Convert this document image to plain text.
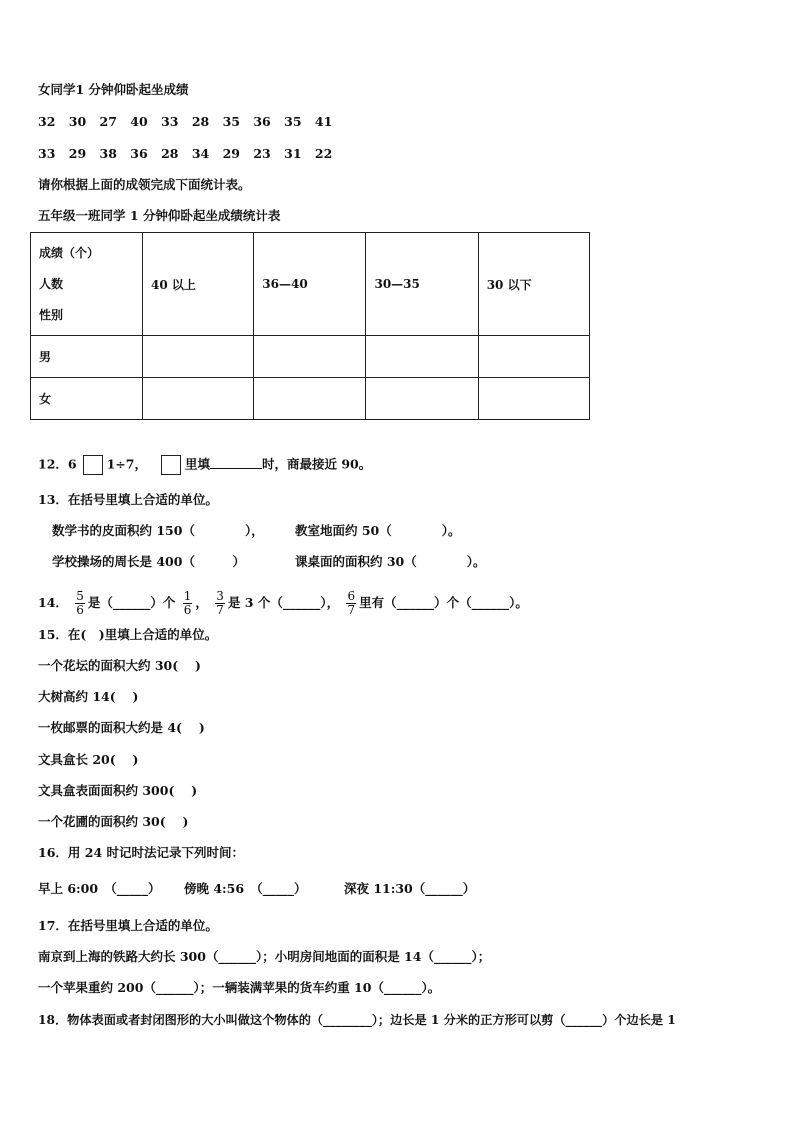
女同学1 分钟仰卧起坐成绩
32 30 27 40 33 28 35 36 35 41
33 29 38 36 28 34 29 23 31 22
请你根据上面的成领完成下面统计表。
五年级一班同学 1 分钟仰卧起坐成绩统计表
成绩（个）
人数
性别	40 以上	36—40	30—35	30 以下
男				
女				
12．6 1÷7，	里填	时，商最接近 90。
13．在括号里填上合适的单位。
数学书的皮面积约 150（　　　　），	教室地面约 50（　　　　）。
学校操场的周长是 400（　　　）	课桌面的面积约 30（　　　　）。
14． $\frac{5}{6}$ 是（______）个 $\frac{1}{6}$ ， $\frac{3}{7}$ 是 3 个（______）， $\frac{6}{7}$ 里有（______）个（______）。
15．在(　)里填上合适的单位。
一个花坛的面积大约 30(　 )
大树高约 14(　 )
一枚邮票的面积大约是 4(　 )
文具盒长 20(　 )
文具盒表面面积约 300(　 )
一个花圃的面积约 30(　 )
16．用 24 时记时法记录下列时间：
早上 6:00　（_____） 傍晚 4:56　（_____）	深夜 11:30（______）
17．在括号里填上合适的单位。
南京到上海的铁路大约长 300（______）；小明房间地面的面积是 14（______）；
一个苹果重约 200（______）；一辆装满苹果的货车约重 10（______）。
18．物体表面或者封闭图形的大小叫做这个物体的（________）；边长是 1 分米的正方形可以剪（______）个边长是 1
